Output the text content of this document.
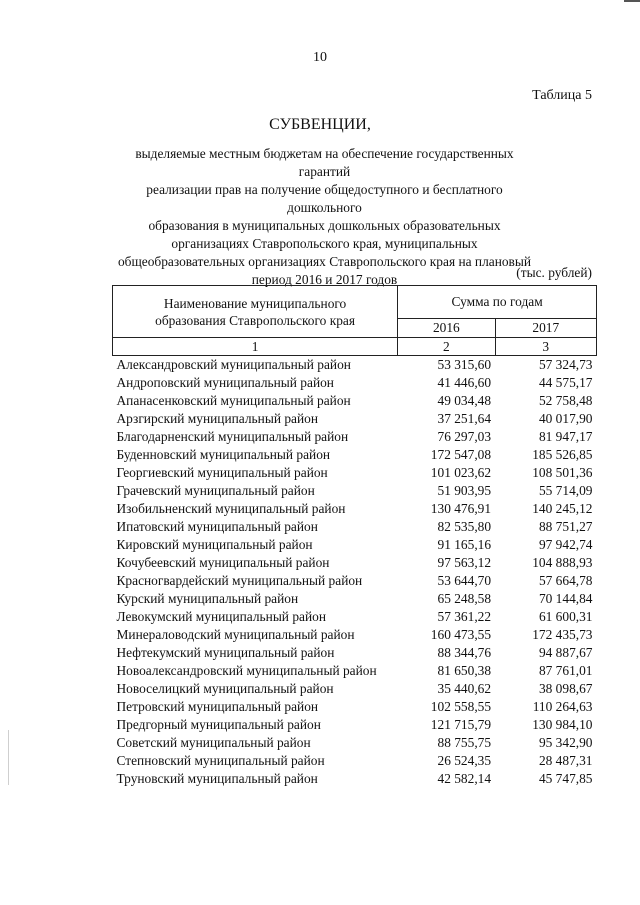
10
Таблица 5
СУБВЕНЦИИ,
выделяемые местным бюджетам на обеспечение государственных гарантий
реализации прав на получение общедоступного и бесплатного дошкольного
образования в муниципальных дошкольных образовательных
организациях Ставропольского края, муниципальных
общеобразовательных организациях Ставропольского края на плановый
период 2016 и 2017 годов	(тыс. рублей)
Наименование муниципального
образования Ставропольского края	Сумма по годам	
	2016	2017
1	2	3
Александровский муниципальный район	53 315,60	57 324,73
Андроповский муниципальный район	41 446,60	44 575,17
Апанасенковский муниципальный район	49 034,48	52 758,48
Арзгирский муниципальный район	37 251,64	40 017,90
Благодарненский муниципальный район	76 297,03	81 947,17
Буденновский муниципальный район	172 547,08	185 526,85
Георгиевский муниципальный район	101 023,62	108 501,36
Грачевский муниципальный район	51 903,95	55 714,09
Изобильненский муниципальный район	130 476,91	140 245,12
Ипатовский муниципальный район	82 535,80	88 751,27
Кировский муниципальный район	91 165,16	97 942,74
Кочубеевский муниципальный район	97 563,12	104 888,93
Красногвардейский муниципальный район	53 644,70	57 664,78
Курский муниципальный район	65 248,58	70 144,84
Левокумский муниципальный район	57 361,22	61 600,31
Минераловодский муниципальный район	160 473,55	172 435,73
Нефтекумский муниципальный район	88 344,76	94 887,67
Новоалександровский муниципальный район	81 650,38	87 761,01
Новоселицкий муниципальный район	35 440,62	38 098,67
Петровский муниципальный район	102 558,55	110 264,63
Предгорный муниципальный район	121 715,79	130 984,10
Советский муниципальный район	88 755,75	95 342,90
Степновский муниципальный район	26 524,35	28 487,31
Труновский муниципальный район	42 582,14	45 747,85
